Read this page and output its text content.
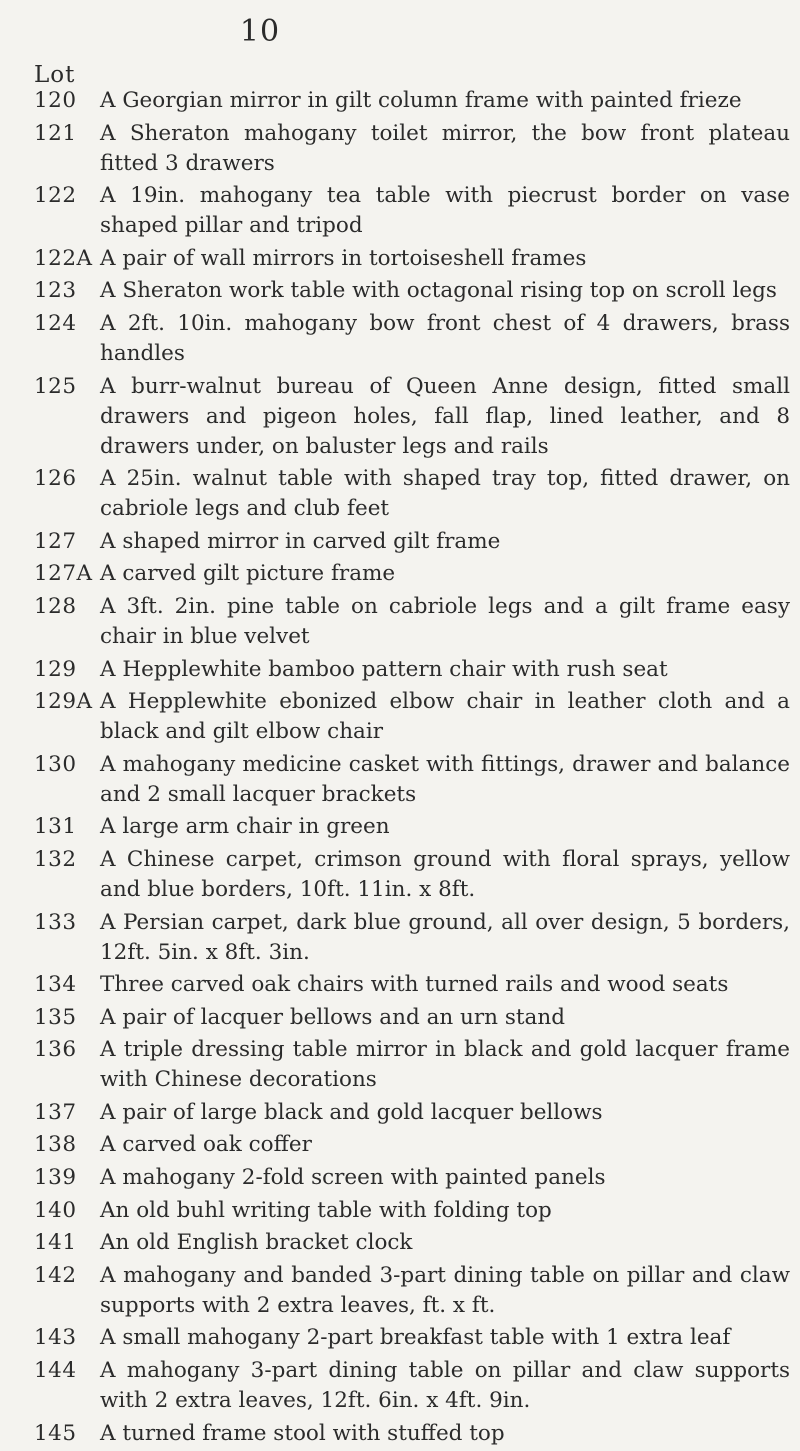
10
Lot
120	A Georgian mirror in gilt column frame with painted frieze
121	A Sheraton mahogany toilet mirror, the bow front plateau fitted 3 drawers
122	A 19in. mahogany tea table with piecrust border on vase shaped pillar and tripod
122A A pair of wall mirrors in tortoiseshell frames
123	A Sheraton work table with octagonal rising top on scroll legs
124	A 2ft. 10in. mahogany bow front chest of 4 drawers, brass handles
125	A burr-walnut bureau of Queen Anne design, fitted small drawers and pigeon holes, fall flap, lined leather, and 8 drawers under, on baluster legs and rails
126	A 25in. walnut table with shaped tray top, fitted drawer, on cabriole legs and club feet
127	A shaped mirror in carved gilt frame
127A A carved gilt picture frame
128	A 3ft. 2in. pine table on cabriole legs and a gilt frame easy chair in blue velvet
129	A Hepplewhite bamboo pattern chair with rush seat
129A A Hepplewhite ebonized elbow chair in leather cloth and a black and gilt elbow chair
130	A mahogany medicine casket with fittings, drawer and balance and 2 small lacquer brackets
131	A large arm chair in green
132	A Chinese carpet, crimson ground with floral sprays, yellow and blue borders, 10ft. 11in. x 8ft.
133	A Persian carpet, dark blue ground, all over design, 5 borders, 12ft. 5in. x 8ft. 3in.
134	Three carved oak chairs with turned rails and wood seats
135	A pair of lacquer bellows and an urn stand
136	A triple dressing table mirror in black and gold lacquer frame with Chinese decorations
137	A pair of large black and gold lacquer bellows
138	A carved oak coffer
139	A mahogany 2-fold screen with painted panels
140	An old buhl writing table with folding top
141	An old English bracket clock
142	A mahogany and banded 3-part dining table on pillar and claw supports with 2 extra leaves, ft. x ft.
143	A small mahogany 2-part breakfast table with 1 extra leaf
144	A mahogany 3-part dining table on pillar and claw supports with 2 extra leaves, 12ft. 6in. x 4ft. 9in.
145	A turned frame stool with stuffed top
